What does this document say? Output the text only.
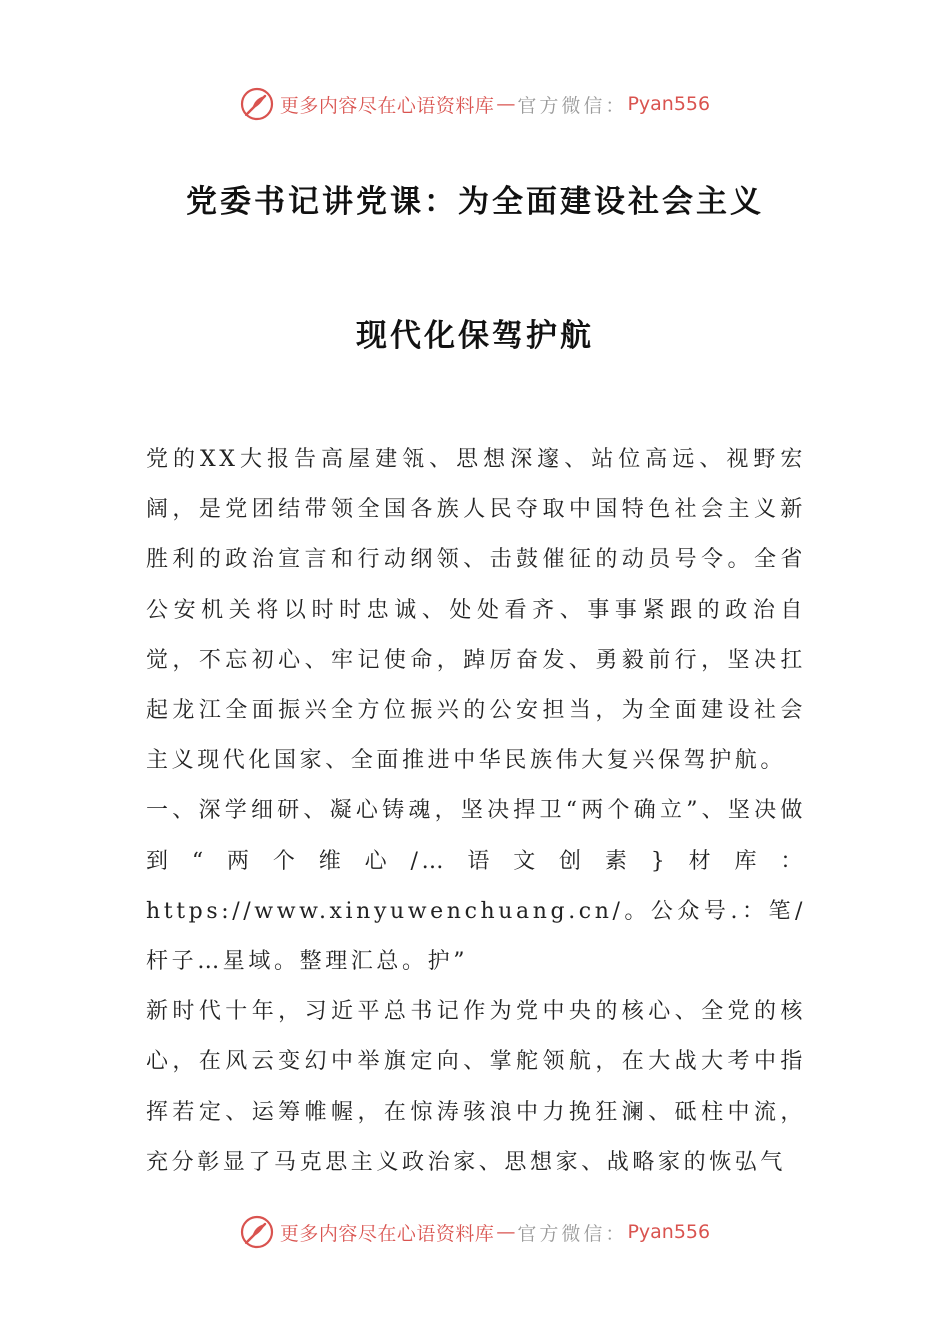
更多内容尽在心语资料库 — 官方微信： Pyan556
党委书记讲党课：为全面建设社会主义
现代化保驾护航

党的XX大报告高屋建瓴、思想深邃、站位高远、视野宏阔，是党团结带领全国各族人民夺取中国特色社会主义新胜利的政治宣言和行动纲领、击鼓催征的动员号令。全省公安机关将以时时忠诚、处处看齐、事事紧跟的政治自觉，不忘初心、牢记使命，踔厉奋发、勇毅前行，坚决扛起龙江全面振兴全方位振兴的公安担当，为全面建设社会主义现代化国家、全面推进中华民族伟大复兴保驾护航。

一、深学细研、凝心铸魂，坚决捍卫“两个确立”、坚决做到“两个维心/…语文创素}材库：https://www.xinyuwenchuang.cn/。公众号.：笔/杆子…星域。整理汇总。护”

新时代十年，习近平总书记作为党中央的核心、全党的核心，在风云变幻中举旗定向、掌舵领航，在大战大考中指挥若定、运筹帷幄，在惊涛骇浪中力挽狂澜、砥柱中流，充分彰显了马克思主义政治家、思想家、战略家的恢弘气

更多内容尽在心语资料库 — 官方微信： Pyan556
